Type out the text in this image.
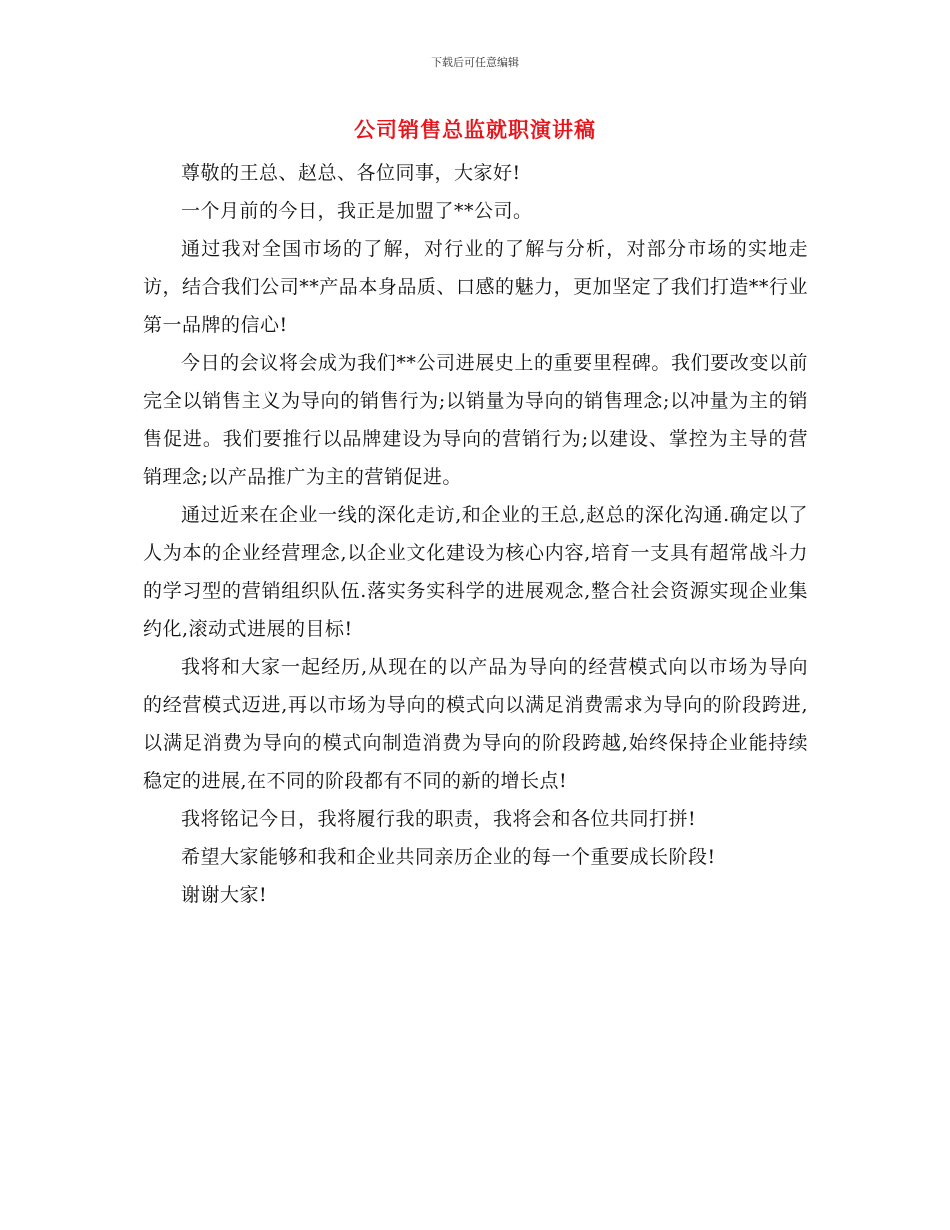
下载后可任意编辑
公司销售总监就职演讲稿

尊敬的王总、赵总、各位同事，大家好!

一个月前的今日，我正是加盟了**公司。

通过我对全国市场的了解，对行业的了解与分析，对部分市场的实地走访，结合我们公司**产品本身品质、口感的魅力，更加坚定了我们打造**行业第一品牌的信心!

今日的会议将会成为我们**公司进展史上的重要里程碑。我们要改变以前完全以销售主义为导向的销售行为;以销量为导向的销售理念;以冲量为主的销售促进。我们要推行以品牌建设为导向的营销行为;以建设、掌控为主导的营销理念;以产品推广为主的营销促进。

通过近来在企业一线的深化走访,和企业的王总,赵总的深化沟通.确定以了人为本的企业经营理念,以企业文化建设为核心内容,培育一支具有超常战斗力的学习型的营销组织队伍.落实务实科学的进展观念,整合社会资源实现企业集约化,滚动式进展的目标!

我将和大家一起经历,从现在的以产品为导向的经营模式向以市场为导向的经营模式迈进,再以市场为导向的模式向以满足消费需求为导向的阶段跨进,以满足消费为导向的模式向制造消费为导向的阶段跨越,始终保持企业能持续稳定的进展,在不同的阶段都有不同的新的增长点!

我将铭记今日，我将履行我的职责，我将会和各位共同打拼!

希望大家能够和我和企业共同亲历企业的每一个重要成长阶段!

谢谢大家!
